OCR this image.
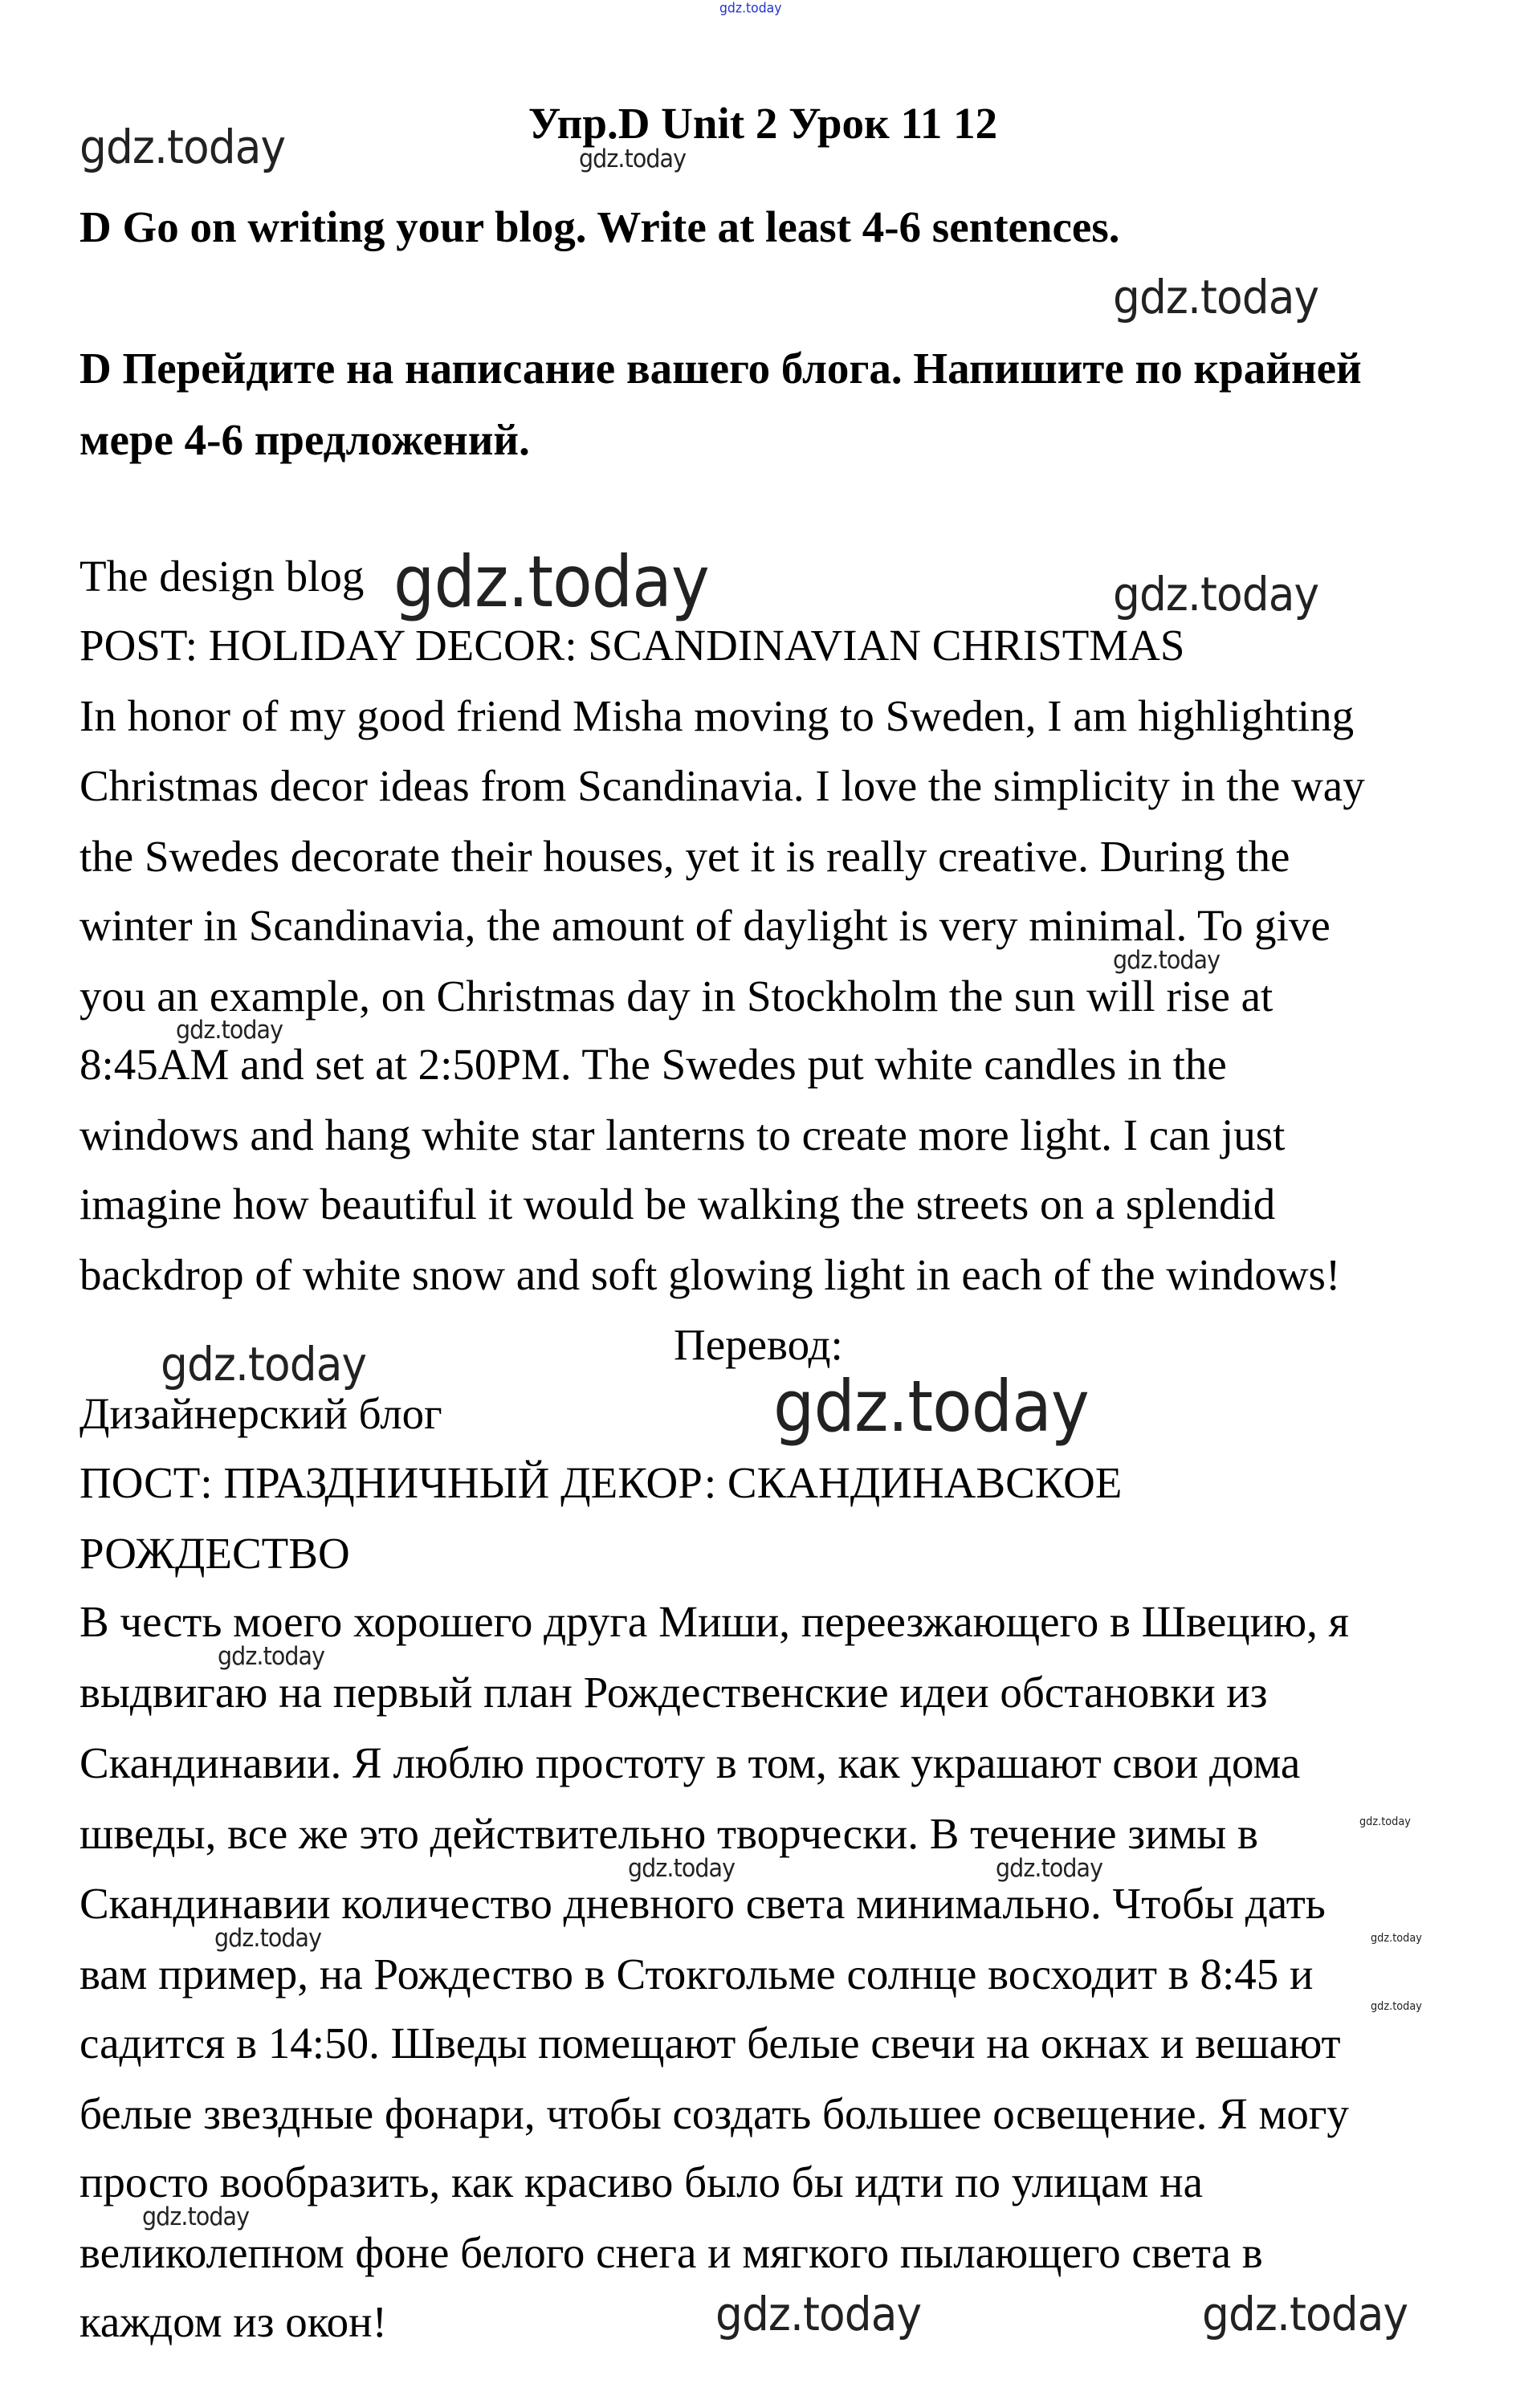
Упр.D Unit 2 Урок 11 12
D Go on writing your blog. Write at least 4-6 sentences.
D Перейдите на написание вашего блога. Напишите по крайней
мере 4-6 предложений.
The design blog
POST: HOLIDAY DECOR: SCANDINAVIAN CHRISTMAS
In honor of my good friend Misha moving to Sweden, I am highlighting
Christmas decor ideas from Scandinavia. I love the simplicity in the way
the Swedes decorate their houses, yet it is really creative. During the
winter in Scandinavia, the amount of daylight is very minimal. To give
you an example, on Christmas day in Stockholm the sun will rise at
8:45AM and set at 2:50PM. The Swedes put white candles in the
windows and hang white star lanterns to create more light. I can just
imagine how beautiful it would be walking the streets on a splendid
backdrop of white snow and soft glowing light in each of the windows!
Перевод:
Дизайнерский блог
ПОСТ: ПРАЗДНИЧНЫЙ ДЕКОР: СКАНДИНАВСКОЕ
РОЖДЕСТВО
В честь моего хорошего друга Миши, переезжающего в Швецию, я
выдвигаю на первый план Рождественские идеи обстановки из
Скандинавии. Я люблю простоту в том, как украшают свои дома
шведы, все же это действительно творчески. В течение зимы в
Скандинавии количество дневного света минимально. Чтобы дать
вам пример, на Рождество в Стокгольме солнце восходит в 8:45 и
садится в 14:50. Шведы помещают белые свечи на окнах и вешают
белые звездные фонари, чтобы создать большее освещение. Я могу
просто вообразить, как красиво было бы идти по улицам на
великолепном фоне белого снега и мягкого пылающего света в
каждом из окон!
gdz.today
gdz.today	gdz.today
gdz.today
gdz.today	gdz.today
gdz.today
gdz.today
gdz.today
gdz.today
gdz.today
gdz.today	gdz.today
gdz.today
gdz.today	gdz.today
gdz.today
gdz.today
gdz.today	gdz.today
